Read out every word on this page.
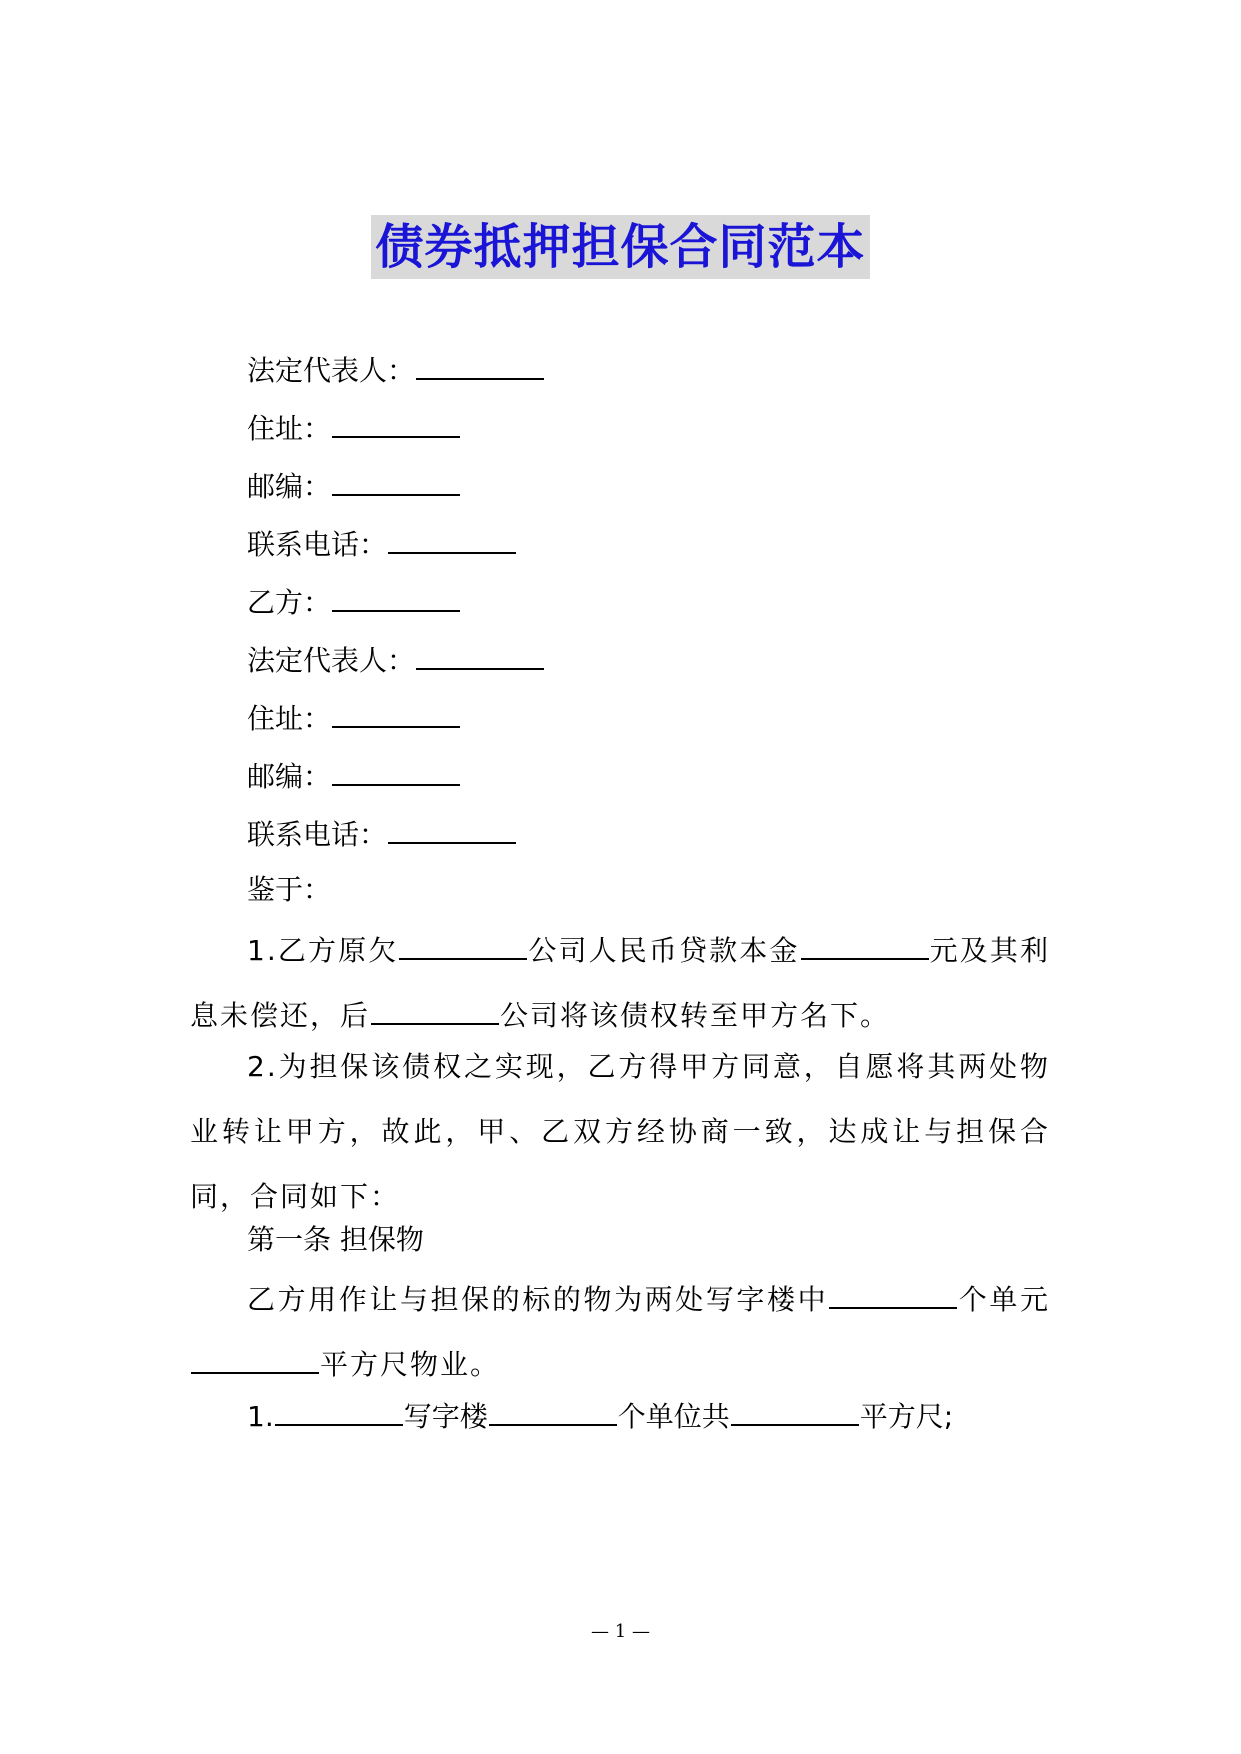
债券抵押担保合同范本
法定代表人：
住址：
邮编：
联系电话：
乙方：
法定代表人：
住址：
邮编：
联系电话：
鉴于：
1.乙方原欠	公司人民币贷款本金	元及其利息未偿还，后	公司将该债权转至甲方名下。
2.为担保该债权之实现，乙方得甲方同意，自愿将其两处物业转让甲方，故此，甲、乙双方经协商一致，达成让与担保合同，合同如下：
第一条 担保物
乙方用作让与担保的标的物为两处写字楼中	个单元平方尺物业。
1.	写字楼	个单位共	平方尺;
— 1 —
